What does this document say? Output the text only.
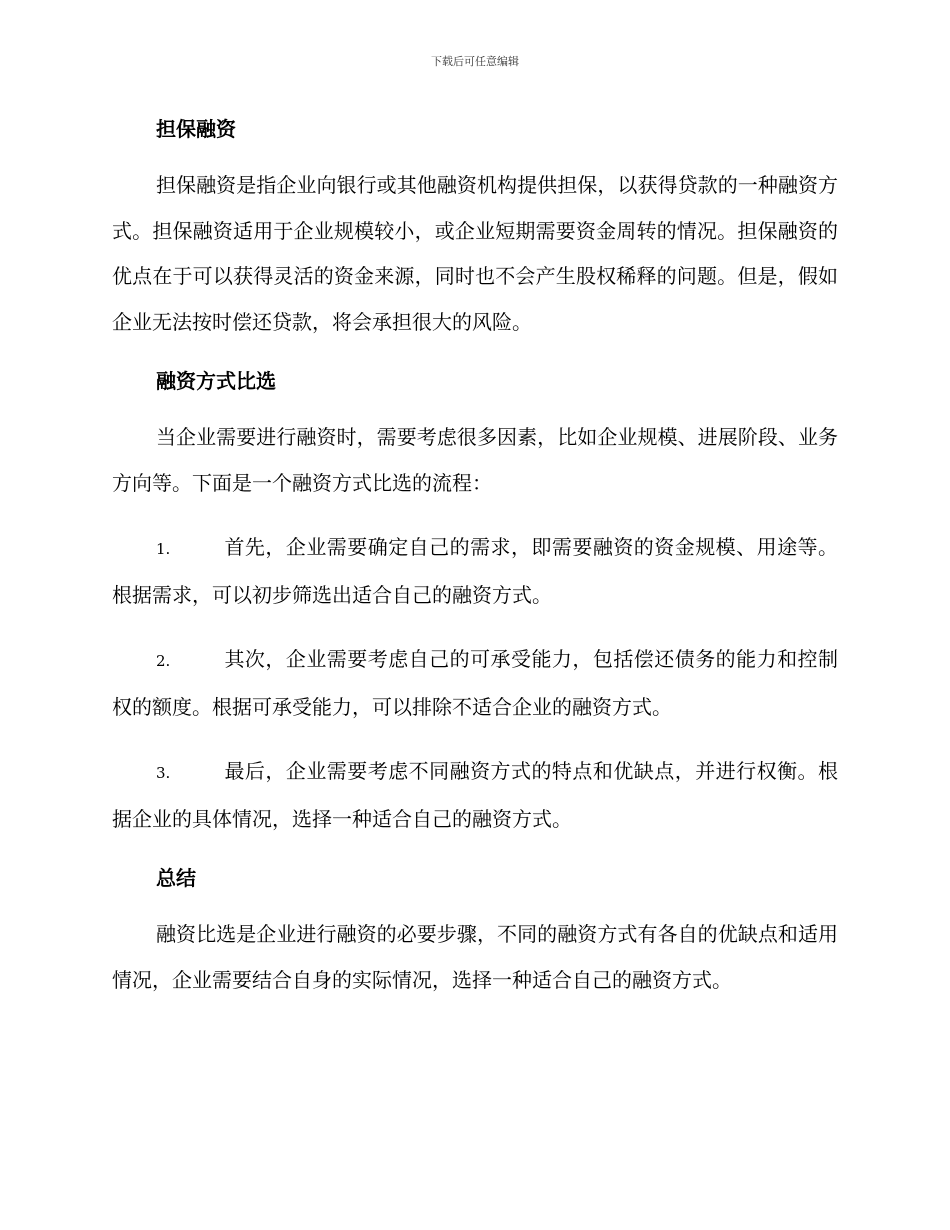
下载后可任意编辑
担保融资

担保融资是指企业向银行或其他融资机构提供担保，以获得贷款的一种融资方式。担保融资适用于企业规模较小，或企业短期需要资金周转的情况。担保融资的优点在于可以获得灵活的资金来源，同时也不会产生股权稀释的问题。但是，假如企业无法按时偿还贷款，将会承担很大的风险。

融资方式比选

当企业需要进行融资时，需要考虑很多因素，比如企业规模、进展阶段、业务方向等。下面是一个融资方式比选的流程：

1.	首先，企业需要确定自己的需求，即需要融资的资金规模、用途等。根据需求，可以初步筛选出适合自己的融资方式。

2.	其次，企业需要考虑自己的可承受能力，包括偿还债务的能力和控制权的额度。根据可承受能力，可以排除不适合企业的融资方式。

3.	最后，企业需要考虑不同融资方式的特点和优缺点，并进行权衡。根据企业的具体情况，选择一种适合自己的融资方式。

总结

融资比选是企业进行融资的必要步骤，不同的融资方式有各自的优缺点和适用情况，企业需要结合自身的实际情况，选择一种适合自己的融资方式。
